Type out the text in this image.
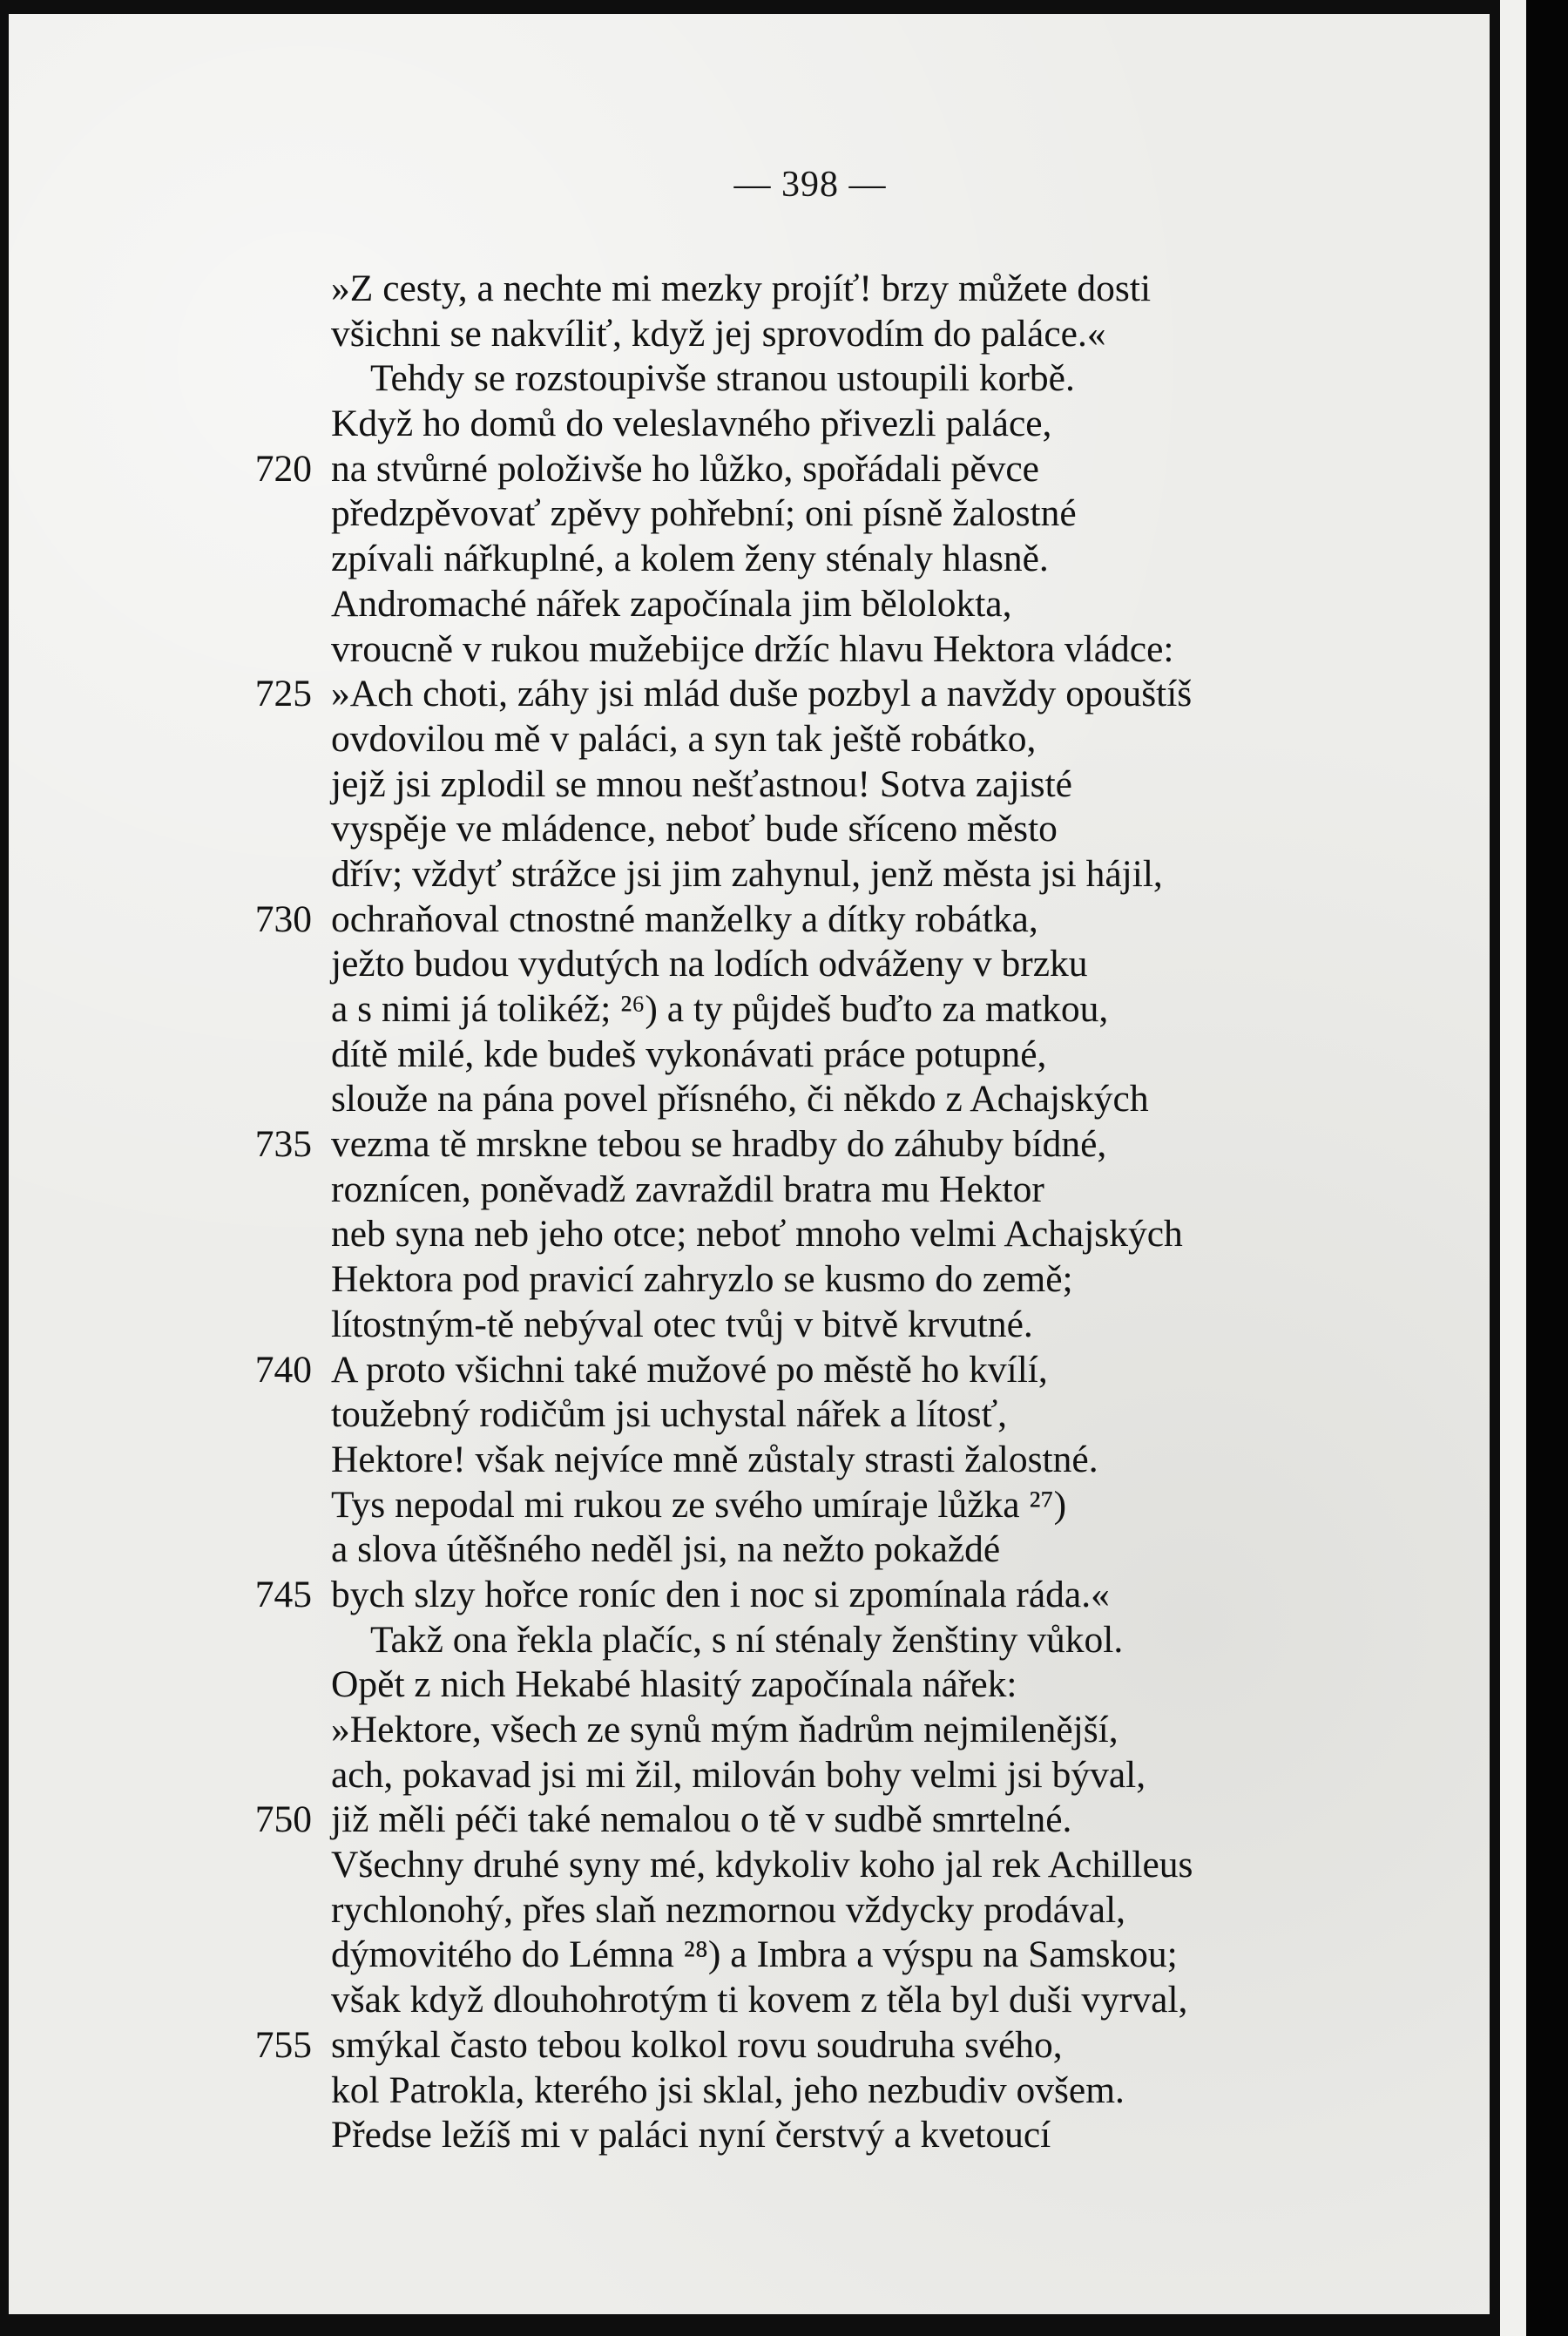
— 398 —
»Z cesty, a nechte mi mezky projíť! brzy můžete dosti
všichni se nakvíliť, když jej sprovodím do paláce.«
Tehdy se rozstoupivše stranou ustoupili korbě.
Když ho domů do veleslavného přivezli paláce,
720 na stvůrné položivše ho lůžko, spořádali pěvce
předzpěvovať zpěvy pohřební; oni písně žalostné
zpívali nářkuplné, a kolem ženy sténaly hlasně.
Andromaché nářek započínala jim bělolokta,
vroucně v rukou mužebijce držíc hlavu Hektora vládce:
725 »Ach choti, záhy jsi mlád duše pozbyl a navždy opouštíš
ovdovilou mě v paláci, a syn tak ještě robátko,
jejž jsi zplodil se mnou nešťastnou! Sotva zajisté
vyspěje ve mládence, neboť bude sříceno město
dřív; vždyť strážce jsi jim zahynul, jenž města jsi hájil,
730 ochraňoval ctnostné manželky a dítky robátka,
ježto budou vydutých na lodích odváženy v brzku
a s nimi já tolikéž; ²⁶) a ty půjdeš buďto za matkou,
dítě milé, kde budeš vykonávati práce potupné,
slouže na pána povel přísného, či někdo z Achajských
735 vezma tě mrskne tebou se hradby do záhuby bídné,
roznícen, poněvadž zavraždil bratra mu Hektor
neb syna neb jeho otce; neboť mnoho velmi Achajských
Hektora pod pravicí zahryzlo se kusmo do země;
lítostným-tě nebýval otec tvůj v bitvě krvutné.
740 A proto všichni také mužové po městě ho kvílí,
toužebný rodičům jsi uchystal nářek a lítosť,
Hektore! však nejvíce mně zůstaly strasti žalostné.
Tys nepodal mi rukou ze svého umíraje lůžka ²⁷)
a slova útěšného neděl jsi, na nežto pokaždé
745 bych slzy hořce roníc den i noc si zpomínala ráda.«
Takž ona řekla plačíc, s ní sténaly ženštiny vůkol.
Opět z nich Hekabé hlasitý započínala nářek:
»Hektore, všech ze synů mým ňadrům nejmilenější,
ach, pokavad jsi mi žil, milován bohy velmi jsi býval,
750 již měli péči také nemalou o tě v sudbě smrtelné.
Všechny druhé syny mé, kdykoliv koho jal rek Achilleus
rychlonohý, přes slaň nezmornou vždycky prodával,
dýmovitého do Lémna ²⁸) a Imbra a výspu na Samskou;
však když dlouhohrotým ti kovem z těla byl duši vyrval,
755 smýkal často tebou kolkol rovu soudruha svého,
kol Patrokla, kterého jsi sklal, jeho nezbudiv ovšem.
Předse ležíš mi v paláci nyní čerstvý a kvetoucí
